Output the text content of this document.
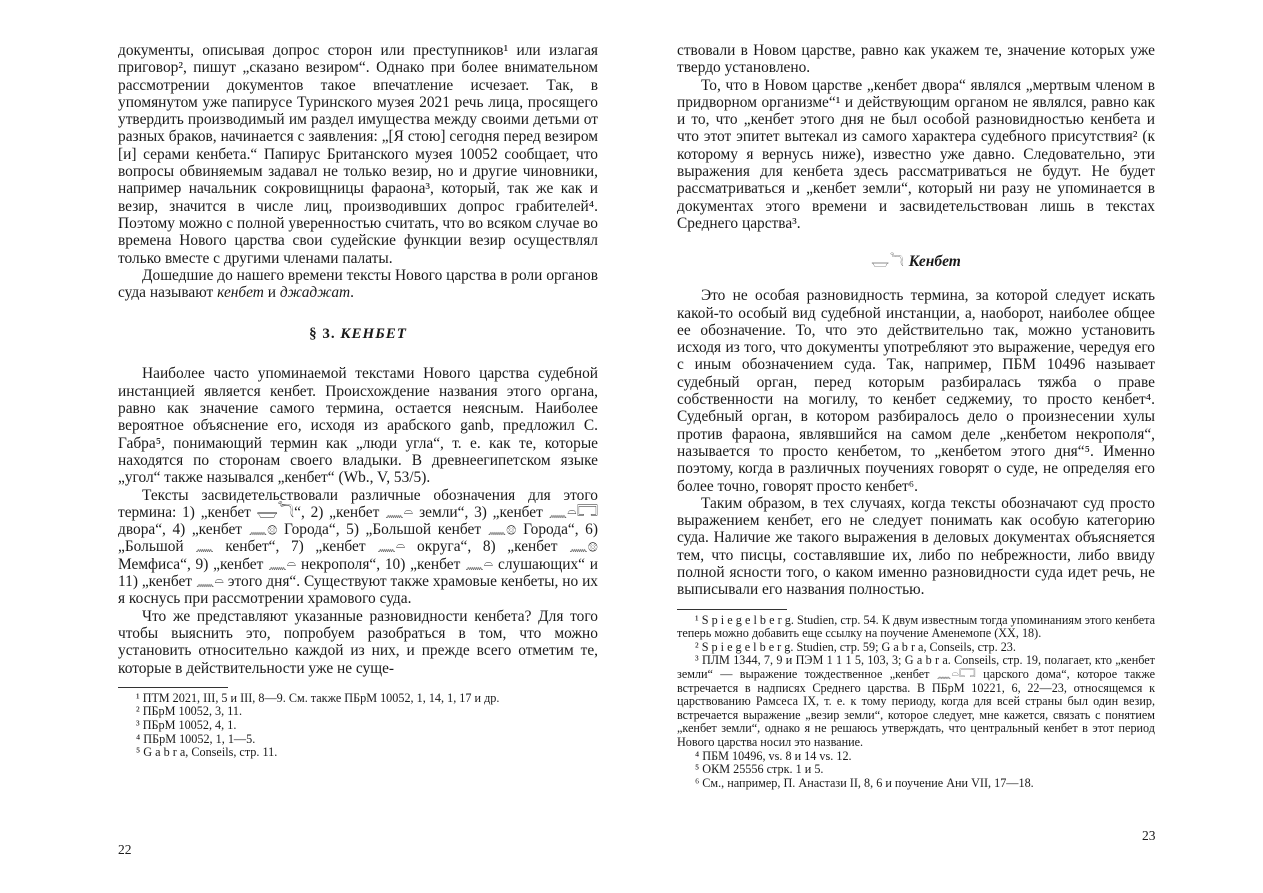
документы, описывая допрос сторон или преступников¹ или излагая приговор², пишут „сказано везиром“. Однако при более внимательном рассмотрении документов такое впечатление исчезает. Так, в упомянутом уже папирусе Туринского музея 2021 речь лица, просящего утвердить производимый им раздел имущества между своими детьми от разных браков, начинается с заявления: „[Я стою] сегодня перед везиром [и] серами кенбета.“ Папирус Британского музея 10052 сообщает, что вопросы обвиняемым задавал не только везир, но и другие чиновники, например начальник сокровищницы фараона³, который, так же как и везир, значится в числе лиц, производивших допрос грабителей⁴. Поэтому можно с полной уверенностью считать, что во всяком случае во времена Нового царства свои судейские функции везир осуществлял только вместе с другими членами палаты.

Дошедшие до нашего времени тексты Нового царства в роли органов суда называют кенбет и джаджат.

§ 3. КЕНБЕТ

Наиболее часто упоминаемой текстами Нового царства судебной инстанцией является кенбет. Происхождение названия этого органа, равно как значение самого термина, остается неясным. Наиболее вероятное объяснение его, исходя из арабского ganb, предложил С. Габра⁵, понимающий термин как „люди угла“, т. е. как те, которые находятся по сторонам своего владыки. В древнеегипетском языке „угол“ также назывался „кенбет“ (Wb., V, 53/5).

Тексты засвидетельствовали различные обозначения для этого термина: 1) „кенбет 𓉿𓆓“, 2) „кенбет 𓈖𓏏 земли“, 3) „кенбет 𓈖𓏏𓉐 двора“, 4) „кенбет 𓈖𓊖 Города“, 5) „Большой кенбет 𓈖𓊖 Города“, 6) „Большой 𓈖 кенбет“, 7) „кенбет 𓈖𓏏 округа“, 8) „кенбет 𓈖𓊖 Мемфиса“, 9) „кенбет 𓈖𓏏 некрополя“, 10) „кенбет 𓈖𓏏 слушающих“ и 11) „кенбет 𓈖𓏏 этого дня“. Существуют также храмовые кенбеты, но их я коснусь при рассмотрении храмового суда.

Что же представляют указанные разновидности кенбета? Для того чтобы выяснить это, попробуем разобраться в том, что можно установить относительно каждой из них, и прежде всего отметим те, которые в действительности уже не суще-

¹ ПТМ 2021, III, 5 и III, 8—9. См. также ПБрМ 10052, 1, 14, 1, 17 и др.
² ПБрМ 10052, 3, 11.
³ ПБрМ 10052, 4, 1.
⁴ ПБрМ 10052, 1, 1—5.
⁵ G a b r a, Conseils, стр. 11.
22

ствовали в Новом царстве, равно как укажем те, значение которых уже твердо установлено.

То, что в Новом царстве „кенбет двора“ являлся „мертвым членом в придворном организме“¹ и действующим органом не являлся, равно как и то, что „кенбет этого дня не был особой разновидностью кенбета и что этот эпитет вытекал из самого характера судебного присутствия² (к которому я вернусь ниже), известно уже давно. Следовательно, эти выражения для кенбета здесь рассматриваться не будут. Не будет рассматриваться и „кенбет земли“, который ни разу не упоминается в документах этого времени и засвидетельствован лишь в текстах Среднего царства³.

𓉿𓆓 Кенбет

Это не особая разновидность термина, за которой следует искать какой-то особый вид судебной инстанции, а, наоборот, наиболее общее ее обозначение. То, что это действительно так, можно установить исходя из того, что документы употребляют это выражение, чередуя его с иным обозначением суда. Так, например, ПБМ 10496 называет судебный орган, перед которым разбиралась тяжба о праве собственности на могилу, то кенбет седжемиу, то просто кенбет⁴. Судебный орган, в котором разбиралось дело о произнесении хулы против фараона, являвшийся на самом деле „кенбетом некрополя“, называется то просто кенбетом, то „кенбетом этого дня“⁵. Именно поэтому, когда в различных поучениях говорят о суде, не определяя его более точно, говорят просто кенбет⁶.

Таким образом, в тех случаях, когда тексты обозначают суд просто выражением кенбет, его не следует понимать как особую категорию суда. Наличие же такого выражения в деловых документах объясняется тем, что писцы, составлявшие их, либо по небрежности, либо ввиду полной ясности того, о каком именно разновидности суда идет речь, не выписывали его названия полностью.

¹ S p i e g e l b e r g. Studien, стр. 54. К двум известным тогда упоминаниям этого кенбета теперь можно добавить еще ссылку на поучение Аменемопе (XX, 18).
² S p i e g e l b e r g. Studien, стр. 59; G a b r a, Conseils, стр. 23.
³ ПЛМ 1344, 7, 9 и ПЭМ 1 1 1 5, 103, 3; G a b r a. Conseils, стр. 19, полагает, кто „кенбет земли“ — выражение тождественное „кенбет 𓈖𓏏𓉐 царского дома“, которое также встречается в надписях Среднего царства. В ПБрМ 10221, 6, 22—23, относящемся к царствованию Рамсеса IX, т. е. к тому периоду, когда для всей страны был один везир, встречается выражение „везир земли“, которое следует, мне кажется, связать с понятием „кенбет земли“, однако я не решаюсь утверждать, что центральный кенбет в этот период Нового царства носил это название.
⁴ ПБМ 10496, vs. 8 и 14 vs. 12.
⁵ ОКМ 25556 стрк. 1 и 5.
⁶ См., например, П. Анастази II, 8, 6 и поучение Ани VII, 17—18.
23
